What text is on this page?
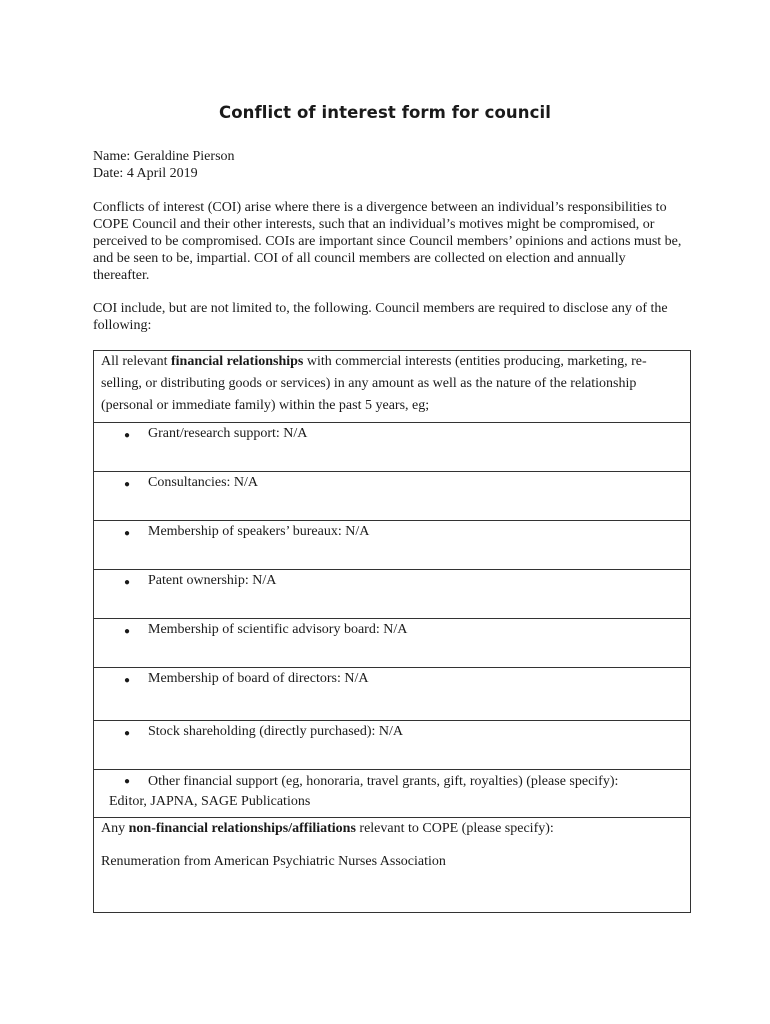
Conflict of interest form for council
Name: Geraldine Pierson
Date: 4 April 2019

Conflicts of interest (COI) arise where there is a divergence between an individual’s responsibilities to COPE Council and their other interests, such that an individual’s motives might be compromised, or perceived to be compromised. COIs are important since Council members’ opinions and actions must be, and be seen to be, impartial. COI of all council members are collected on election and annually thereafter.

COI include, but are not limited to, the following. Council members are required to disclose any of the following:

All relevant financial relationships with commercial interests (entities producing, marketing, re-selling, or distributing goods or services) in any amount as well as the nature of the relationship (personal or immediate family) within the past 5 years, eg;
● Grant/research support: N/A
● Consultancies: N/A
● Membership of speakers’ bureaux: N/A
● Patent ownership: N/A
● Membership of scientific advisory board: N/A
● Membership of board of directors: N/A
● Stock shareholding (directly purchased): N/A
● Other financial support (eg, honoraria, travel grants, gift, royalties) (please specify):
Editor, JAPNA, SAGE Publications
Any non-financial relationships/affiliations relevant to COPE (please specify):
Renumeration from American Psychiatric Nurses Association
